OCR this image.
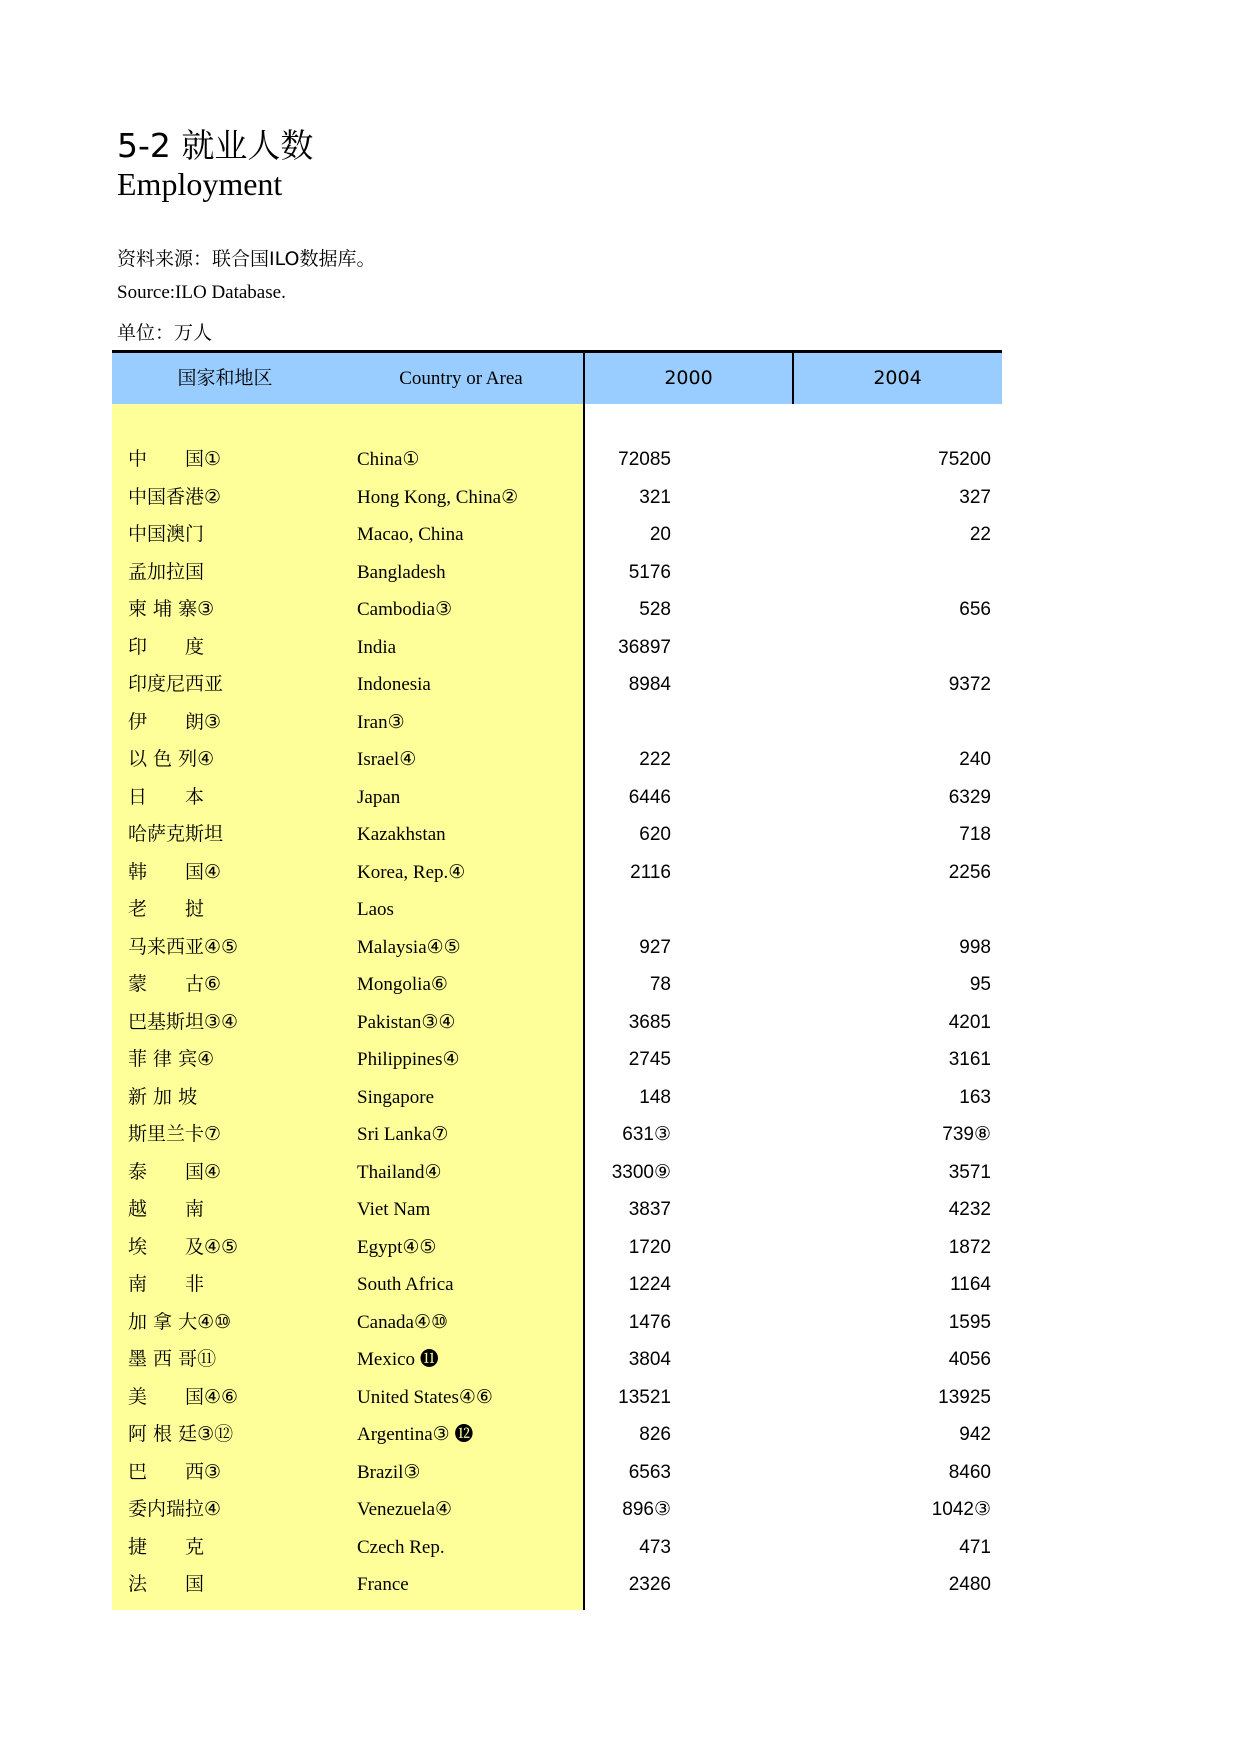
5-2 就业人数
Employment
资料来源：联合国ILO数据库。
Source:ILO Database.
单位：万人
国家和地区	Country or Area	2000	2004
中　　国①	China①	72085	75200
中国香港②	Hong Kong, China②	321	327
中国澳门	Macao, China	20	22
孟加拉国	Bangladesh	5176
柬 埔 寨③	Cambodia③	528	656
印　　度	India	36897
印度尼西亚	Indonesia	8984	9372
伊　　朗③	Iran③
以 色 列④	Israel④	222	240
日　　本	Japan	6446	6329
哈萨克斯坦	Kazakhstan	620	718
韩　　国④	Korea, Rep.④	2116	2256
老　　挝	Laos
马来西亚④⑤	Malaysia④⑤	927	998
蒙　　古⑥	Mongolia⑥	78	95
巴基斯坦③④	Pakistan③④	3685	4201
菲 律 宾④	Philippines④	2745	3161
新 加 坡	Singapore	148	163
斯里兰卡⑦	Sri Lanka⑦	631③	739⑧
泰　　国④	Thailand④	3300⑨	3571
越　　南	Viet Nam	3837	4232
埃　　及④⑤	Egypt④⑤	1720	1872
南　　非	South Africa	1224	1164
加 拿 大④⑩	Canada④⑩	1476	1595
墨 西 哥⑪	Mexico ⓫	3804	4056
美　　国④⑥	United States④⑥	13521	13925
阿 根 廷③⑫	Argentina③ ⓬	826	942
巴　　西③	Brazil③	6563	8460
委内瑞拉④	Venezuela④	896③	1042③
捷　　克	Czech Rep.	473	471
法　　国	France	2326	2480
